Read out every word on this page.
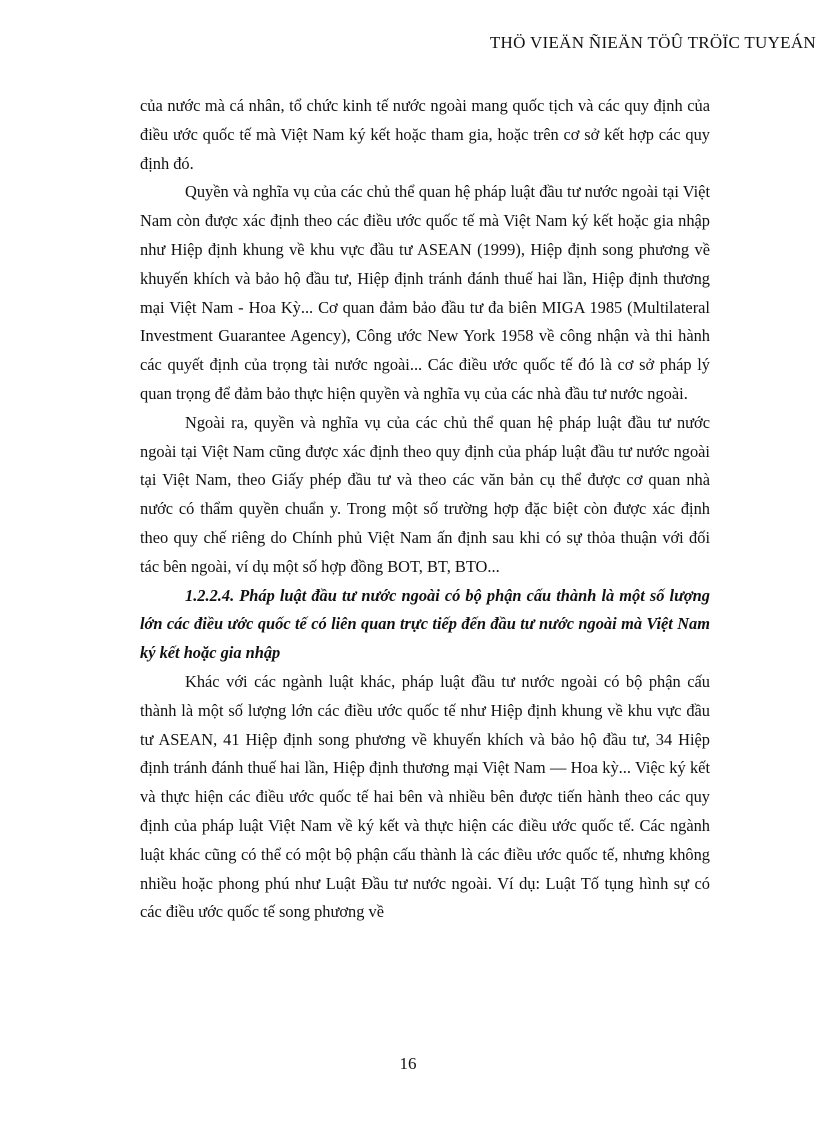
THÖ VIEÄN ÑIEÄN TÖÛ TRÖÏC TUYEÁN

của nước mà cá nhân, tổ chức kinh tế nước ngoài mang quốc tịch và các quy định của điều ước quốc tế mà Việt Nam ký kết hoặc tham gia, hoặc trên cơ sở kết hợp các quy định đó.

Quyền và nghĩa vụ của các chủ thể quan hệ pháp luật đầu tư nước ngoài tại Việt Nam còn được xác định theo các điều ước quốc tế mà Việt Nam ký kết hoặc gia nhập như Hiệp định khung về khu vực đầu tư ASEAN (1999), Hiệp định song phương về khuyến khích và bảo hộ đầu tư, Hiệp định tránh đánh thuế hai lần, Hiệp định thương mại Việt Nam - Hoa Kỳ... Cơ quan đảm bảo đầu tư đa biên MIGA 1985 (Multilateral Investment Guarantee Agency), Công ước New York 1958 về công nhận và thi hành các quyết định của trọng tài nước ngoài... Các điều ước quốc tế đó là cơ sở pháp lý quan trọng để đảm bảo thực hiện quyền và nghĩa vụ của các nhà đầu tư nước ngoài.

Ngoài ra, quyền và nghĩa vụ của các chủ thể quan hệ pháp luật đầu tư nước ngoài tại Việt Nam cũng được xác định theo quy định của pháp luật đầu tư nước ngoài tại Việt Nam, theo Giấy phép đầu tư và theo các văn bản cụ thể được cơ quan nhà nước có thẩm quyền chuẩn y. Trong một số trường hợp đặc biệt còn được xác định theo quy chế riêng do Chính phủ Việt Nam ấn định sau khi có sự thỏa thuận với đối tác bên ngoài, ví dụ một số hợp đồng BOT, BT, BTO...

1.2.2.4. Pháp luật đầu tư nước ngoài có bộ phận cấu thành là một số lượng lớn các điều ước quốc tế có liên quan trực tiếp đến đầu tư nước ngoài mà Việt Nam ký kết hoặc gia nhập

Khác với các ngành luật khác, pháp luật đầu tư nước ngoài có bộ phận cấu thành là một số lượng lớn các điều ước quốc tế như Hiệp định khung về khu vực đầu tư ASEAN, 41 Hiệp định song phương về khuyến khích và bảo hộ đầu tư, 34 Hiệp định tránh đánh thuế hai lần, Hiệp định thương mại Việt Nam — Hoa kỳ... Việc ký kết và thực hiện các điều ước quốc tế hai bên và nhiều bên được tiến hành theo các quy định của pháp luật Việt Nam về ký kết và thực hiện các điều ước quốc tế. Các ngành luật khác cũng có thể có một bộ phận cấu thành là các điều ước quốc tế, nhưng không nhiều hoặc phong phú như Luật Đầu tư nước ngoài. Ví dụ: Luật Tố tụng hình sự có các điều ước quốc tế song phương về

16
